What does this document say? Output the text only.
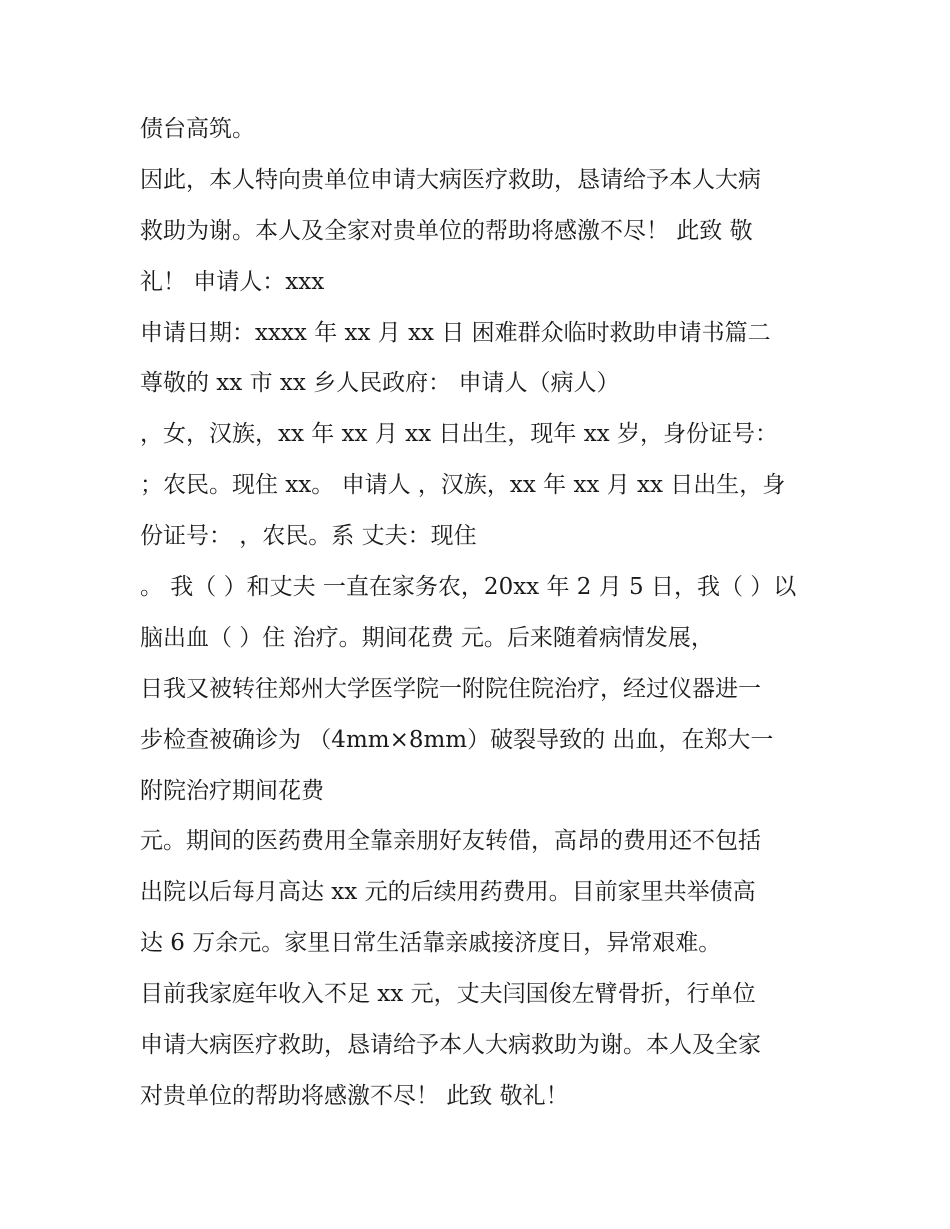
债台高筑。
因此，本人特向贵单位申请大病医疗救助，恳请给予本人大病
救助为谢。本人及全家对贵单位的帮助将感激不尽！ 此致 敬
礼！ 申请人：xxx
申请日期：xxxx 年 xx 月 xx 日 困难群众临时救助申请书篇二
尊敬的 xx 市 xx 乡人民政府： 申请人（病人）
，女，汉族，xx 年 xx 月 xx 日出生，现年 xx 岁，身份证号：
；农民。现住 xx。 申请人 ，汉族，xx 年 xx 月 xx 日出生，身
份证号： ，农民。系 丈夫：现住
。 我（ ）和丈夫 一直在家务农，20xx 年 2 月 5 日，我（ ）以
脑出血（ ）住 治疗。期间花费 元。后来随着病情发展，
日我又被转往郑州大学医学院一附院住院治疗，经过仪器进一
步检查被确诊为 （4mm×8mm）破裂导致的 出血，在郑大一
附院治疗期间花费
元。期间的医药费用全靠亲朋好友转借，高昂的费用还不包括
出院以后每月高达 xx 元的后续用药费用。目前家里共举债高
达 6 万余元。家里日常生活靠亲戚接济度日，异常艰难。
目前我家庭年收入不足 xx 元，丈夫闫国俊左臂骨折，行单位
申请大病医疗救助，恳请给予本人大病救助为谢。本人及全家
对贵单位的帮助将感激不尽！ 此致 敬礼！
